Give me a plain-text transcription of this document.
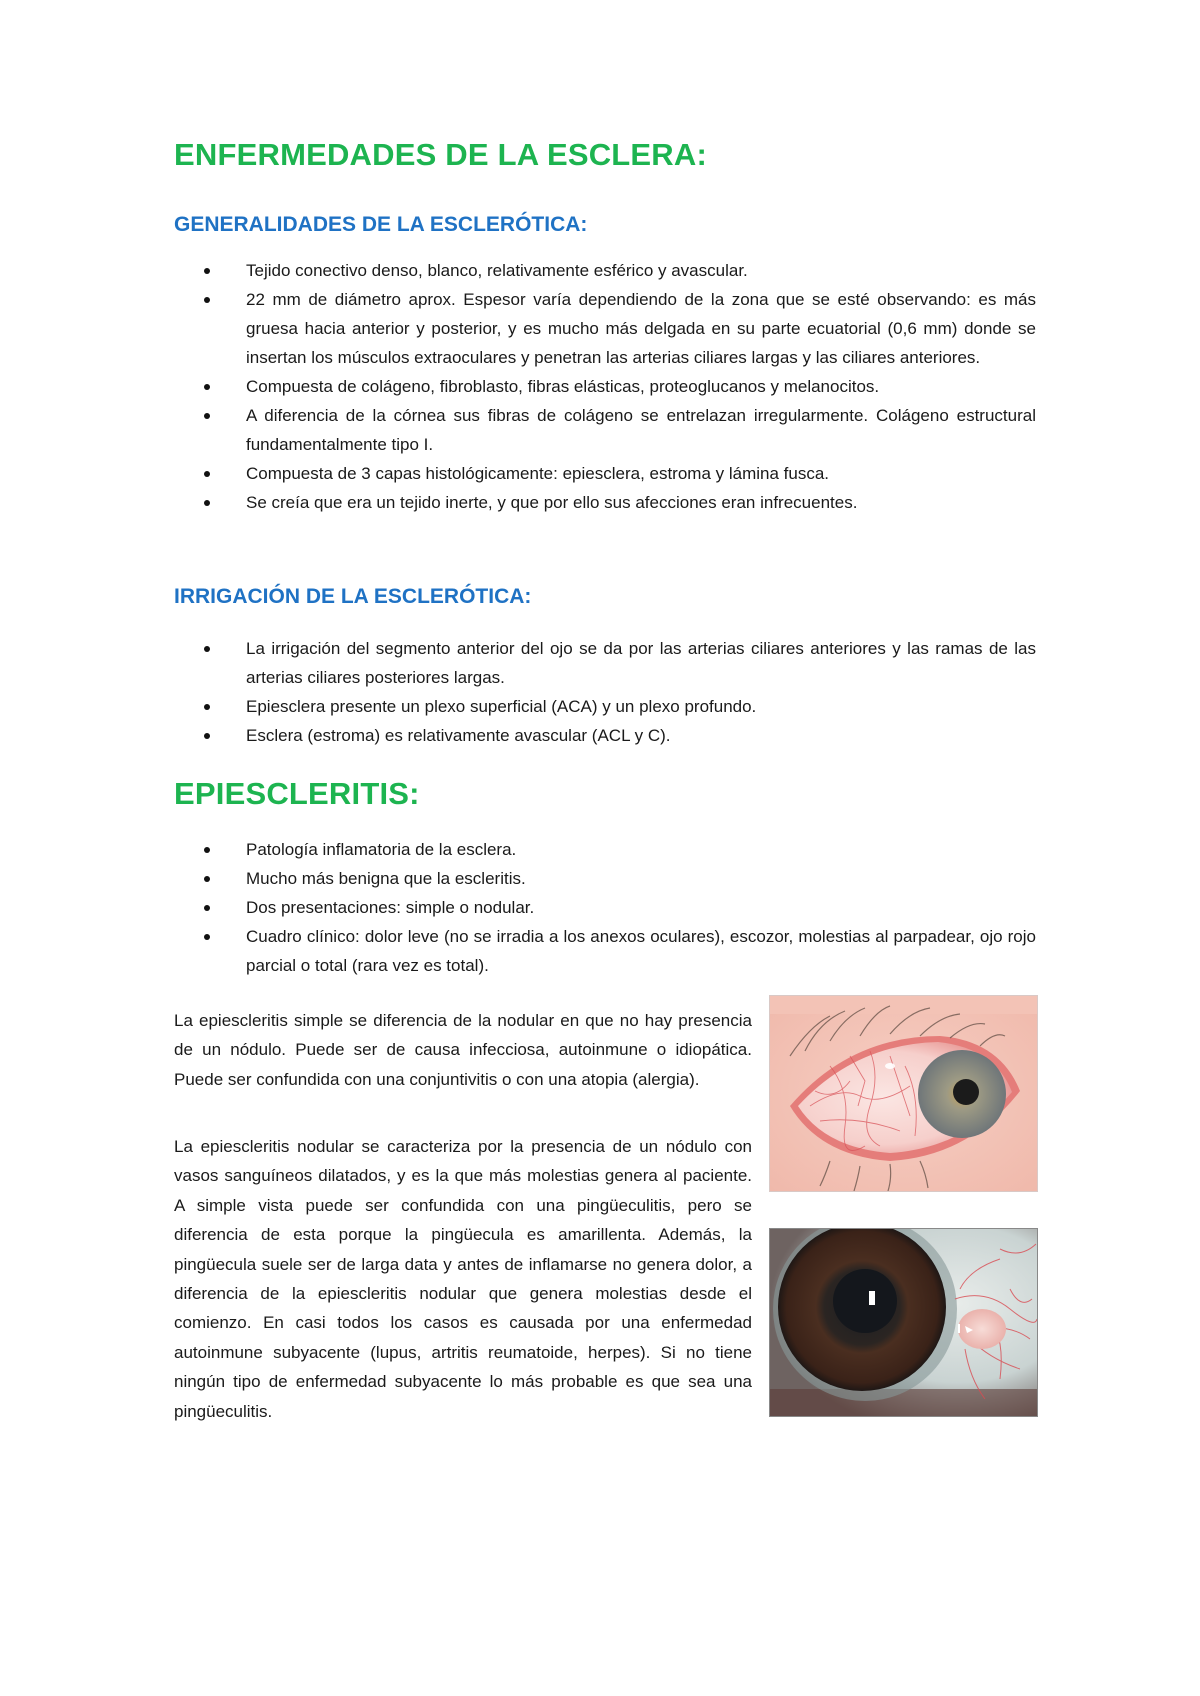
ENFERMEDADES DE LA ESCLERA:
GENERALIDADES DE LA ESCLERÓTICA:
Tejido conectivo denso, blanco, relativamente esférico y avascular.
22 mm de diámetro aprox. Espesor varía dependiendo de la zona que se esté observando: es más gruesa hacia anterior y posterior, y es mucho más delgada en su parte ecuatorial (0,6 mm) donde se insertan los músculos extraoculares y penetran las arterias ciliares largas y las ciliares anteriores.
Compuesta de colágeno, fibroblasto, fibras elásticas, proteoglucanos y melanocitos.
A diferencia de la córnea sus fibras de colágeno se entrelazan irregularmente. Colágeno estructural fundamentalmente tipo I.
Compuesta de 3 capas histológicamente: epiesclera, estroma y lámina fusca.
Se creía que era un tejido inerte, y que por ello sus afecciones eran infrecuentes.
IRRIGACIÓN DE LA ESCLERÓTICA:
La irrigación del segmento anterior del ojo se da por las arterias ciliares anteriores y las ramas de las arterias ciliares posteriores largas.
Epiesclera presente un plexo superficial (ACA) y un plexo profundo.
Esclera (estroma) es relativamente avascular (ACL y C).
EPIESCLERITIS:
Patología inflamatoria de la esclera.
Mucho más benigna que la escleritis.
Dos presentaciones: simple o nodular.
Cuadro clínico: dolor leve (no se irradia a los anexos oculares), escozor, molestias al parpadear, ojo rojo parcial o total (rara vez es total).

La epiescleritis simple se diferencia de la nodular en que no hay presencia de un nódulo. Puede ser de causa infecciosa, autoinmune o idiopática. Puede ser confundida con una conjuntivitis o con una atopia (alergia).

La epiescleritis nodular se caracteriza por la presencia de un nódulo con vasos sanguíneos dilatados, y es la que más molestias genera al paciente. A simple vista puede ser confundida con una pingüeculitis, pero se diferencia de esta porque la pingüecula es amarillenta. Además, la pingüecula suele ser de larga data y antes de inflamarse no genera dolor, a diferencia de la epiescleritis nodular que genera molestias desde el comienzo. En casi todos los casos es causada por una enfermedad autoinmune subyacente (lupus, artritis reumatoide, herpes). Si no tiene ningún tipo de enfermedad subyacente lo más probable es que sea una pingüeculitis.
